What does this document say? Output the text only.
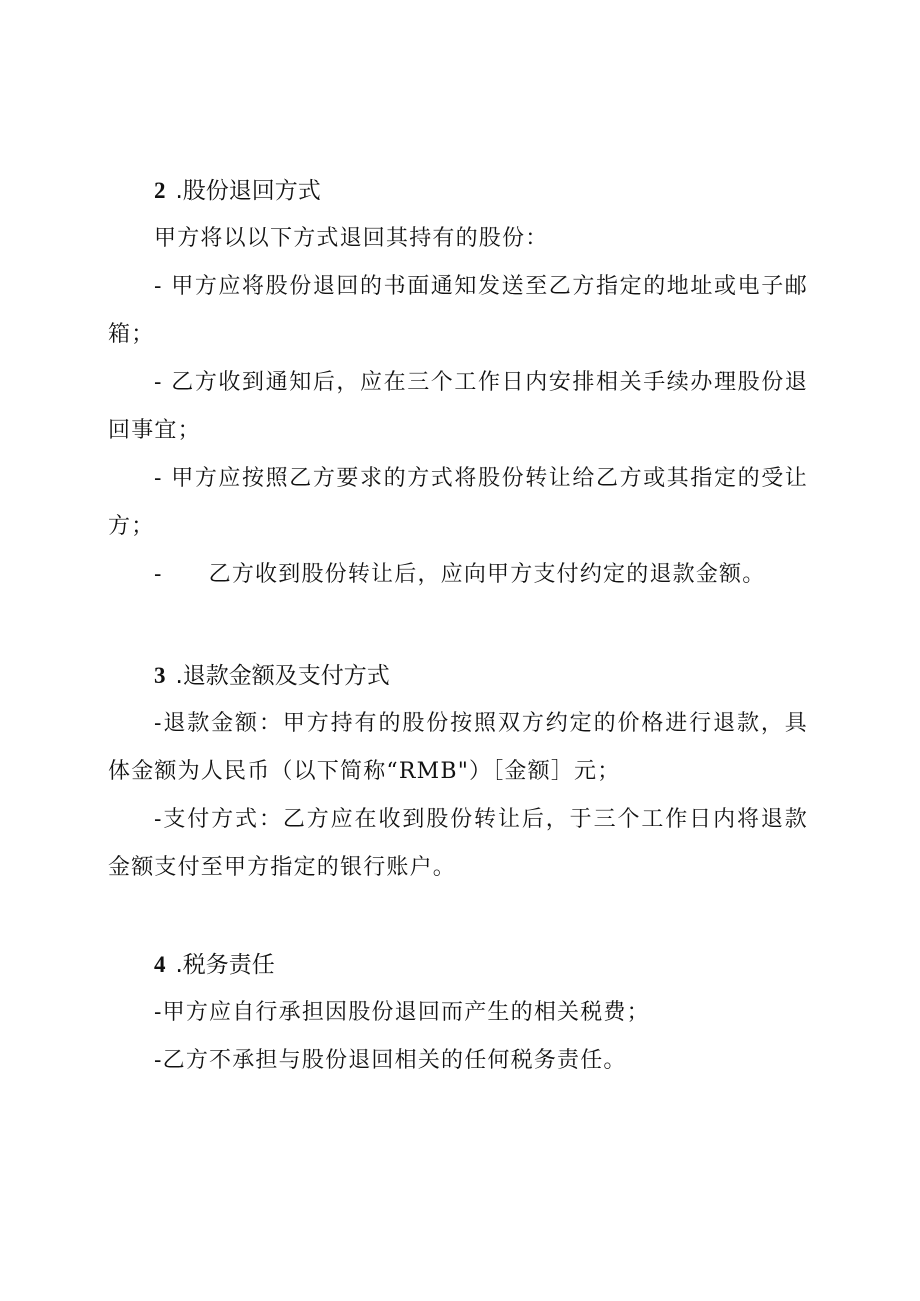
2 .股份退回方式

甲方将以以下方式退回其持有的股份：

- 甲方应将股份退回的书面通知发送至乙方指定的地址或电子邮箱；

- 乙方收到通知后，应在三个工作日内安排相关手续办理股份退回事宜；

- 甲方应按照乙方要求的方式将股份转让给乙方或其指定的受让方；

- 乙方收到股份转让后，应向甲方支付约定的退款金额。

3 .退款金额及支付方式

-退款金额：甲方持有的股份按照双方约定的价格进行退款，具体金额为人民币（以下简称“RMB"）［金额］元；

-支付方式：乙方应在收到股份转让后，于三个工作日内将退款金额支付至甲方指定的银行账户。

4 .税务责任

-甲方应自行承担因股份退回而产生的相关税费；

-乙方不承担与股份退回相关的任何税务责任。
